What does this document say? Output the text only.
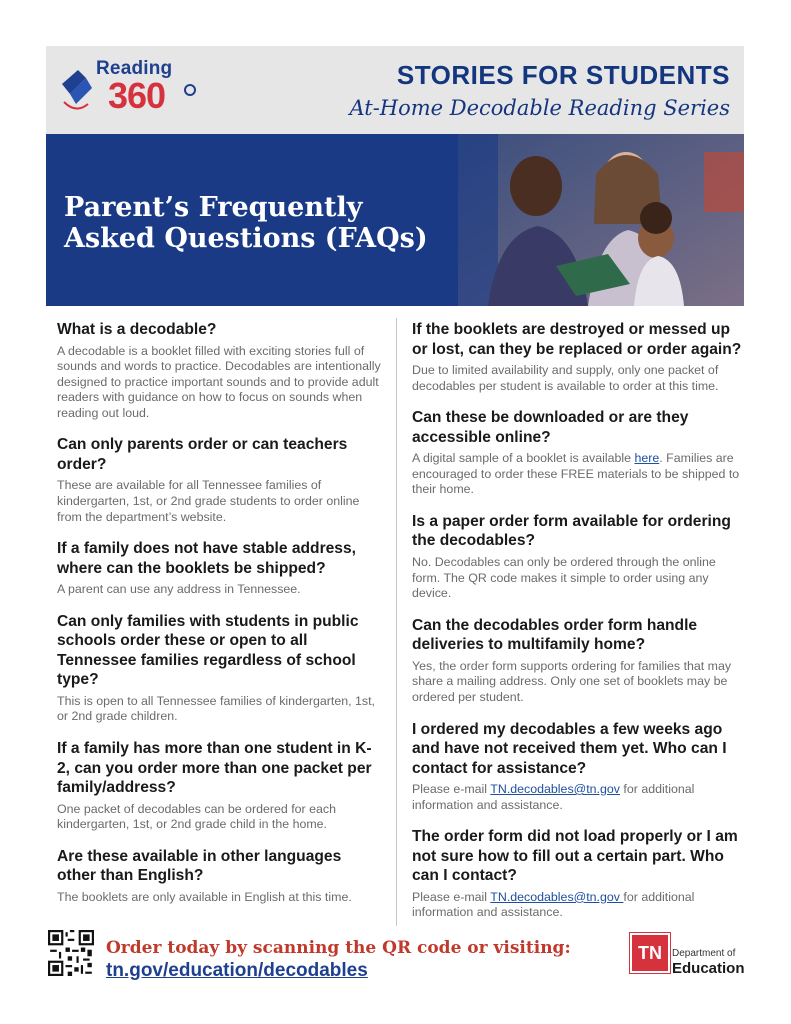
Reading
360	STORIES FOR STUDENTS
At-Home Decodable Reading Series
Parent’s Frequently
Asked Questions (FAQs)
What is a decodable?

A decodable is a booklet filled with exciting stories full of sounds and words to practice. Decodables are intentionally designed to practice important sounds and to provide adult readers with guidance on how to focus on sounds when reading out loud.

Can only parents order or can teachers order?

These are available for all Tennessee families of kindergarten, 1st, or 2nd grade students to order online from the department’s website.

If a family does not have stable address, where can the booklets be shipped?

A parent can use any address in Tennessee.

Can only families with students in public schools order these or open to all Tennessee families regardless of school type?

This is open to all Tennessee families of kindergarten, 1st, or 2nd grade children.

If a family has more than one student in K-2, can you order more than one packet per family/address?

One packet of decodables can be ordered for each kindergarten, 1st, or 2nd grade child in the home.

Are these available in other languages other than English?

The booklets are only available in English at this time.

If the booklets are destroyed or messed up or lost, can they be replaced or order again?

Due to limited availability and supply, only one packet of decodables per student is available to order at this time.

Can these be downloaded or are they accessible online?

A digital sample of a booklet is available here. Families are encouraged to order these FREE materials to be shipped to their home.

Is a paper order form available for ordering the decodables?

No. Decodables can only be ordered through the online form. The QR code makes it simple to order using any device.

Can the decodables order form handle deliveries to multifamily home?

Yes, the order form supports ordering for families that may share a mailing address. Only one set of booklets may be ordered per student.

I ordered my decodables a few weeks ago and have not received them yet. Who can I contact for assistance?

Please e-mail TN.decodables@tn.gov for additional information and assistance.

The order form did not load properly or I am not sure how to fill out a certain part. Who can I contact?

Please e-mail TN.decodables@tn.gov for additional information and assistance.

Order today by scanning the QR code or visiting:
tn.gov/education/decodables
TN	Department of
Education
